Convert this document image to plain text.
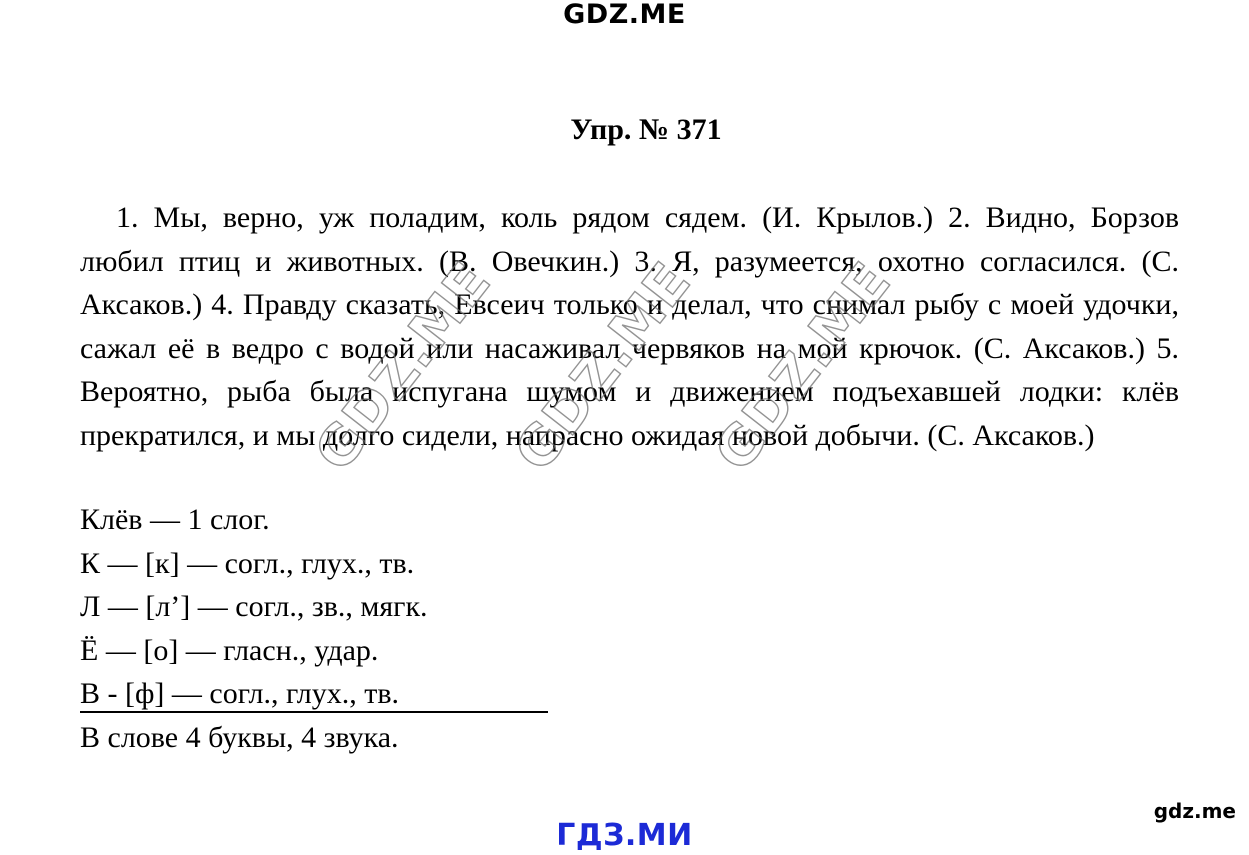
GDZ.ME
Упр. № 371

1. Мы, верно, уж поладим, коль рядом сядем. (И. Крылов.) 2. Видно, Борзов любил птиц и животных. (В. Овечкин.) 3. Я, разумеется, охотно согласился. (С. Аксаков.) 4. Правду сказать, Евсеич только и делал, что снимал рыбу с моей удочки, сажал её в ведро с водой или насаживал червяков на мой крючок. (С. Аксаков.) 5. Вероятно, рыба была испугана шумом и движением подъехавшей лодки: клёв прекратился, и мы долго сидели, напрасно ожидая новой добычи. (С. Аксаков.)

Клёв — 1 слог.
К — [к] — согл., глух., тв.
Л — [л’] — согл., зв., мягк.
Ё — [о] — гласн., удар.
В - [ф] — согл., глух., тв.
В слове 4 буквы, 4 звука.
GDZ.ME GDZ.ME GDZ.ME
gdz.me
ГДЗ.МИ
